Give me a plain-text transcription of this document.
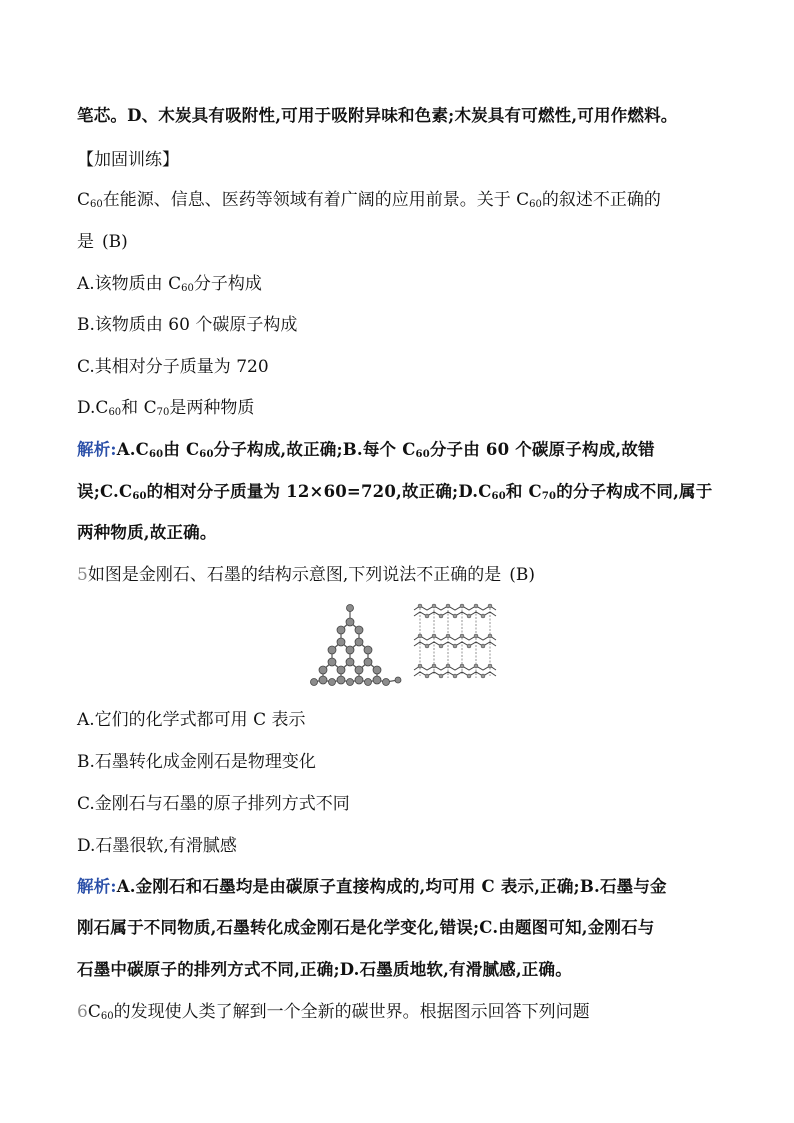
笔芯。D、木炭具有吸附性,可用于吸附异味和色素;木炭具有可燃性,可用作燃料。
【加固训练】
$C_{60}$在能源、信息、医药等领域有着广阔的应用前景。关于 $C_{60}$的叙述不正确的
是 (B)
A.该物质由 $C_{60}$分子构成
B.该物质由 60 个碳原子构成
C.其相对分子质量为 720
$D.C_{60}$和 $C_{70}$是两种物质
解析$:A.C_{60}$由 $C_{60}$分子构成,故正确;B.每个 $C_{60}$分子由 60 个碳原子构成,故错
误$;C.C_{60}$的相对分子质量为 12×60=720,故正确$;D.C_{60}$和 $C_{70}$的分子构成不同,属于
两种物质,故正确。
5如图是金刚石、石墨的结构示意图,下列说法不正确的是 (B)
A.它们的化学式都可用 C 表示
B.石墨转化成金刚石是物理变化
C.金刚石与石墨的原子排列方式不同
D.石墨很软,有滑腻感
解析:A.金刚石和石墨均是由碳原子直接构成的,均可用 C 表示,正确;B.石墨与金
刚石属于不同物质,石墨转化成金刚石是化学变化,错误;C.由题图可知,金刚石与
石墨中碳原子的排列方式不同,正确;D.石墨质地软,有滑腻感,正确。
$6C_{60}$的发现使人类了解到一个全新的碳世界。根据图示回答下列问题
